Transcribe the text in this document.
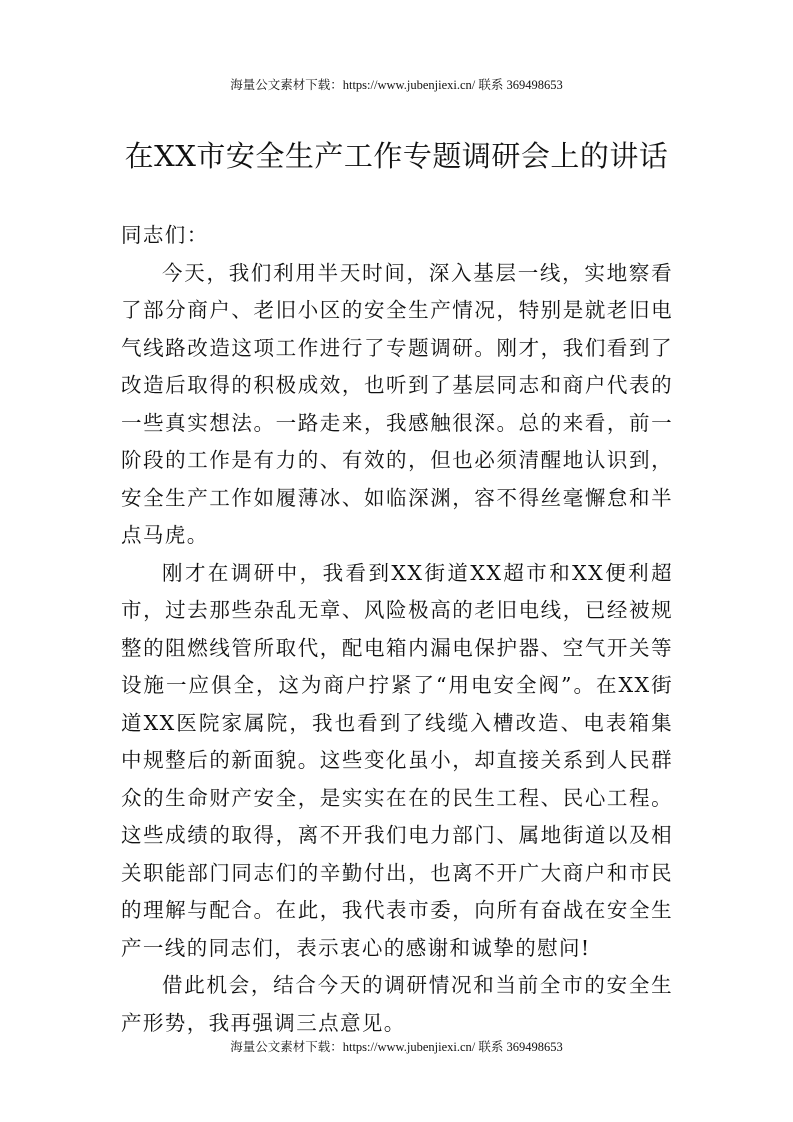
海量公文素材下载：https://www.jubenjiexi.cn/ 联系 369498653
在XX市安全生产工作专题调研会上的讲话

同志们：

今天，我们利用半天时间，深入基层一线，实地察看了部分商户、老旧小区的安全生产情况，特别是就老旧电气线路改造这项工作进行了专题调研。刚才，我们看到了改造后取得的积极成效，也听到了基层同志和商户代表的一些真实想法。一路走来，我感触很深。总的来看，前一阶段的工作是有力的、有效的，但也必须清醒地认识到，安全生产工作如履薄冰、如临深渊，容不得丝毫懈怠和半点马虎。

刚才在调研中，我看到XX街道XX超市和XX便利超市，过去那些杂乱无章、风险极高的老旧电线，已经被规整的阻燃线管所取代，配电箱内漏电保护器、空气开关等设施一应俱全，这为商户拧紧了“用电安全阀”。在XX街道XX医院家属院，我也看到了线缆入槽改造、电表箱集中规整后的新面貌。这些变化虽小，却直接关系到人民群众的生命财产安全，是实实在在的民生工程、民心工程。这些成绩的取得，离不开我们电力部门、属地街道以及相关职能部门同志们的辛勤付出，也离不开广大商户和市民的理解与配合。在此，我代表市委，向所有奋战在安全生产一线的同志们，表示衷心的感谢和诚挚的慰问!

借此机会，结合今天的调研情况和当前全市的安全生产形势，我再强调三点意见。

海量公文素材下载：https://www.jubenjiexi.cn/ 联系 369498653
